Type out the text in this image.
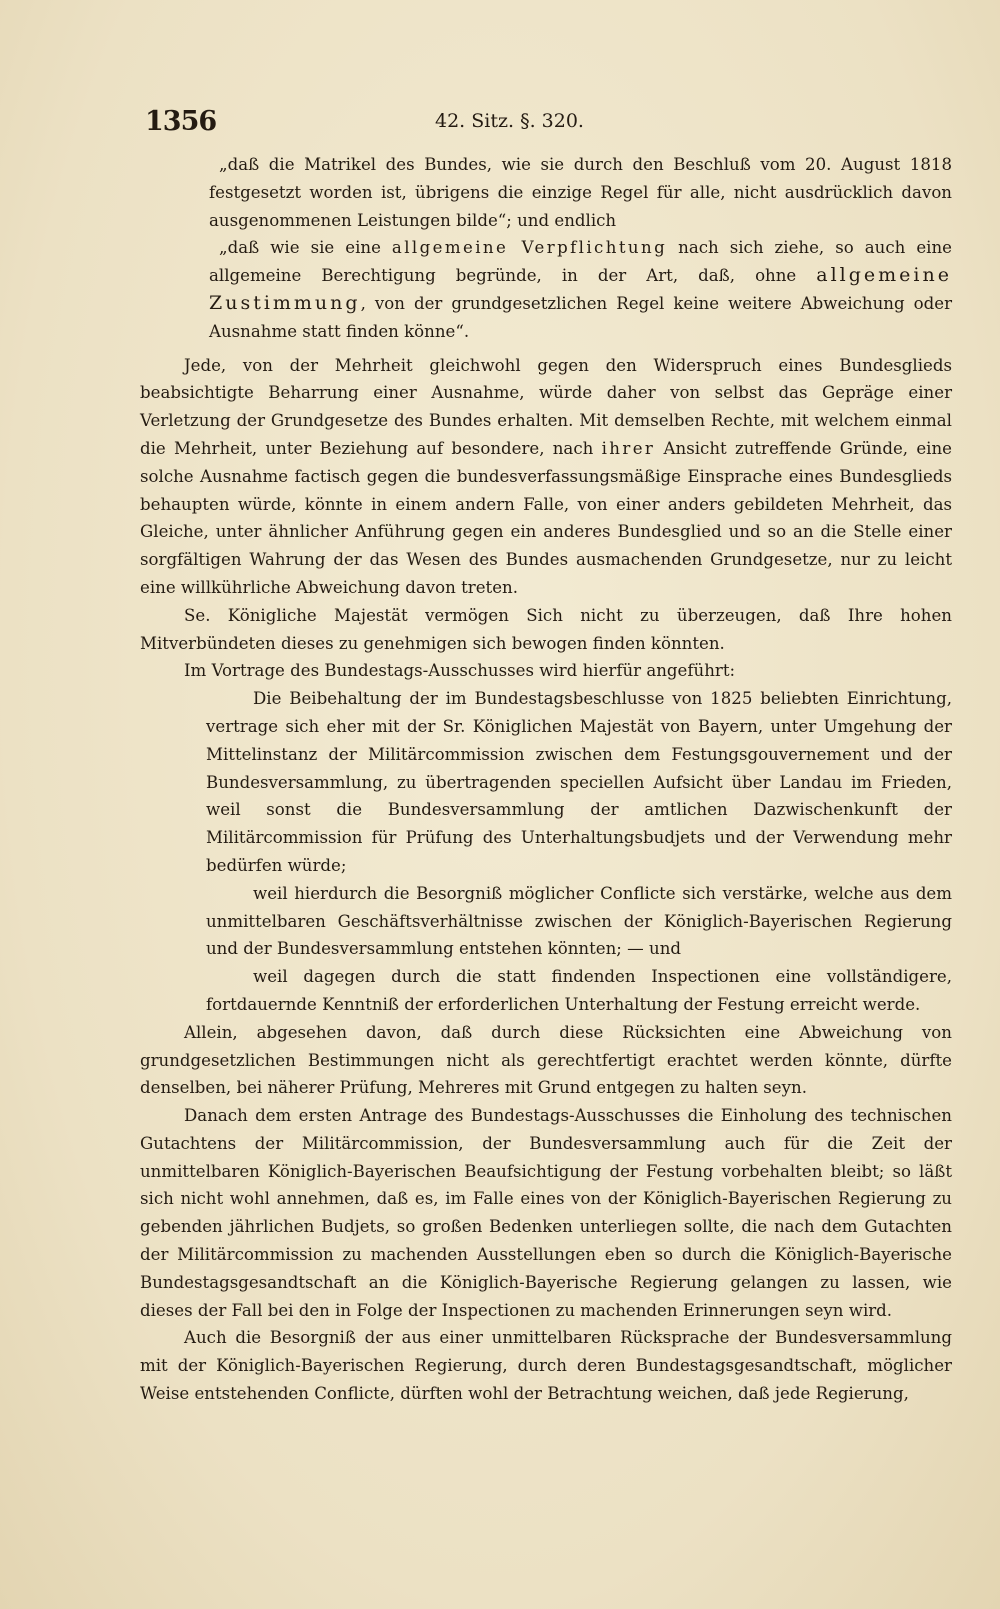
1356	42. Sitz. §. 320.

„daß die Matrikel des Bundes, wie sie durch den Beschluß vom 20. August 1818 festgesetzt worden ist, übrigens die einzige Regel für alle, nicht ausdrücklich davon ausgenommenen Leistungen bilde“; und endlich

„daß wie sie eine allgemeine Verpflichtung nach sich ziehe, so auch eine allgemeine Berechtigung begründe, in der Art, daß, ohne allgemeine Zustimmung, von der grundgesetzlichen Regel keine weitere Abweichung oder Ausnahme statt finden könne“.

Jede, von der Mehrheit gleichwohl gegen den Widerspruch eines Bundesglieds beabsichtigte Beharrung einer Ausnahme, würde daher von selbst das Gepräge einer Verletzung der Grundgesetze des Bundes erhalten. Mit demselben Rechte, mit welchem einmal die Mehrheit, unter Beziehung auf besondere, nach ihrer Ansicht zutreffende Gründe, eine solche Ausnahme factisch gegen die bundesverfassungsmäßige Einsprache eines Bundesglieds behaupten würde, könnte in einem andern Falle, von einer anders gebildeten Mehrheit, das Gleiche, unter ähnlicher Anführung gegen ein anderes Bundesglied und so an die Stelle einer sorgfältigen Wahrung der das Wesen des Bundes ausmachenden Grundgesetze, nur zu leicht eine willkührliche Abweichung davon treten.

Se. Königliche Majestät vermögen Sich nicht zu überzeugen, daß Ihre hohen Mitverbündeten dieses zu genehmigen sich bewogen finden könnten.

Im Vortrage des Bundestags-Ausschusses wird hierfür angeführt:

Die Beibehaltung der im Bundestagsbeschlusse von 1825 beliebten Einrichtung, vertrage sich eher mit der Sr. Königlichen Majestät von Bayern, unter Umgehung der Mittelinstanz der Militärcommission zwischen dem Festungsgouvernement und der Bundesversammlung, zu übertragenden speciellen Aufsicht über Landau im Frieden, weil sonst die Bundesversammlung der amtlichen Dazwischenkunft der Militärcommission für Prüfung des Unterhaltungsbudjets und der Verwendung mehr bedürfen würde;

weil hierdurch die Besorgniß möglicher Conflicte sich verstärke, welche aus dem unmittelbaren Geschäftsverhältnisse zwischen der Königlich-Bayerischen Regierung und der Bundesversammlung entstehen könnten; — und

weil dagegen durch die statt findenden Inspectionen eine vollständigere, fortdauernde Kenntniß der erforderlichen Unterhaltung der Festung erreicht werde.

Allein, abgesehen davon, daß durch diese Rücksichten eine Abweichung von grundgesetzlichen Bestimmungen nicht als gerechtfertigt erachtet werden könnte, dürfte denselben, bei näherer Prüfung, Mehreres mit Grund entgegen zu halten seyn.

Danach dem ersten Antrage des Bundestags-Ausschusses die Einholung des technischen Gutachtens der Militärcommission, der Bundesversammlung auch für die Zeit der unmittelbaren Königlich-Bayerischen Beaufsichtigung der Festung vorbehalten bleibt; so läßt sich nicht wohl annehmen, daß es, im Falle eines von der Königlich-Bayerischen Regierung zu gebenden jährlichen Budjets, so großen Bedenken unterliegen sollte, die nach dem Gutachten der Militärcommission zu machenden Ausstellungen eben so durch die Königlich-Bayerische Bundestagsgesandtschaft an die Königlich-Bayerische Regierung gelangen zu lassen, wie dieses der Fall bei den in Folge der Inspectionen zu machenden Erinnerungen seyn wird.

Auch die Besorgniß der aus einer unmittelbaren Rücksprache der Bundesversammlung mit der Königlich-Bayerischen Regierung, durch deren Bundestagsgesandtschaft, möglicher Weise entstehenden Conflicte, dürften wohl der Betrachtung weichen, daß jede Regierung,
